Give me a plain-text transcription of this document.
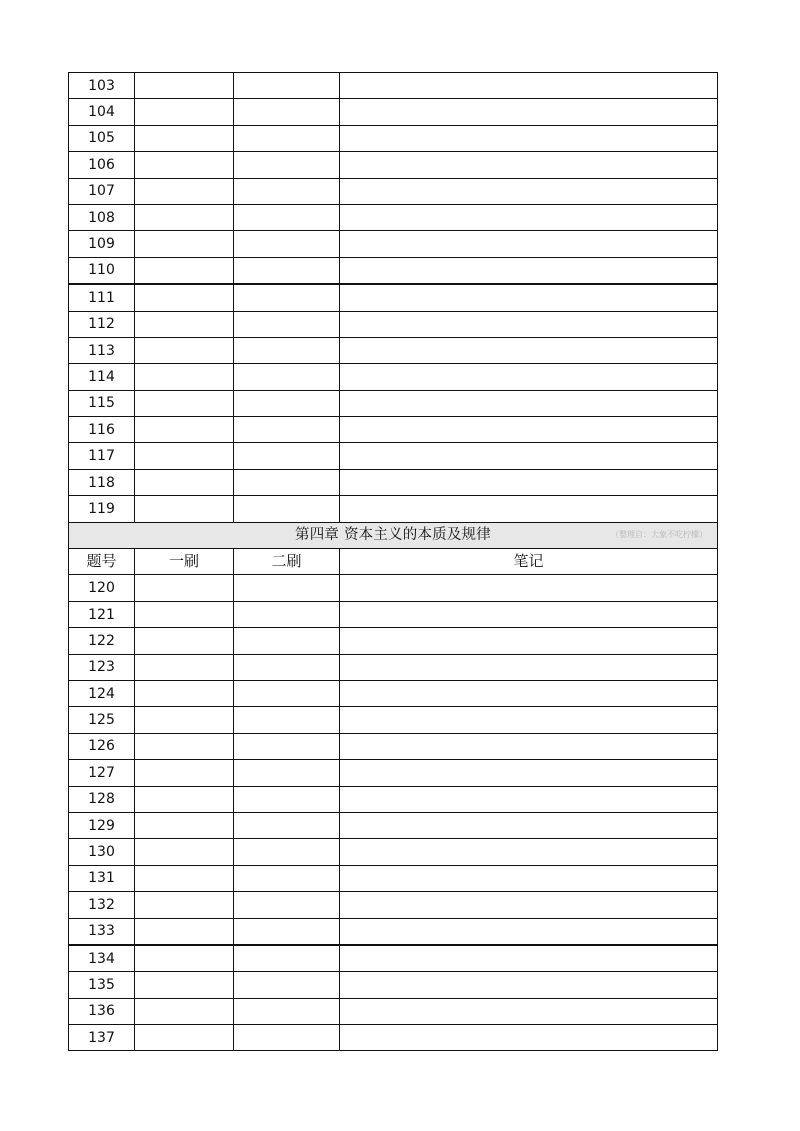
103			
104			
105			
106			
107			
108			
109			
110			
111			
112			
113			
114			
115			
116			
117			
118			
119			
第四章 资本主义的本质及规律 （整理自：大象不吃柠檬）			

题号	一刷	二刷	笔记
120			
121			
122			
123			
124			
125			
126			
127			
128			
129			
130			
131			
132			
133			
134			
135			
136			
137			
